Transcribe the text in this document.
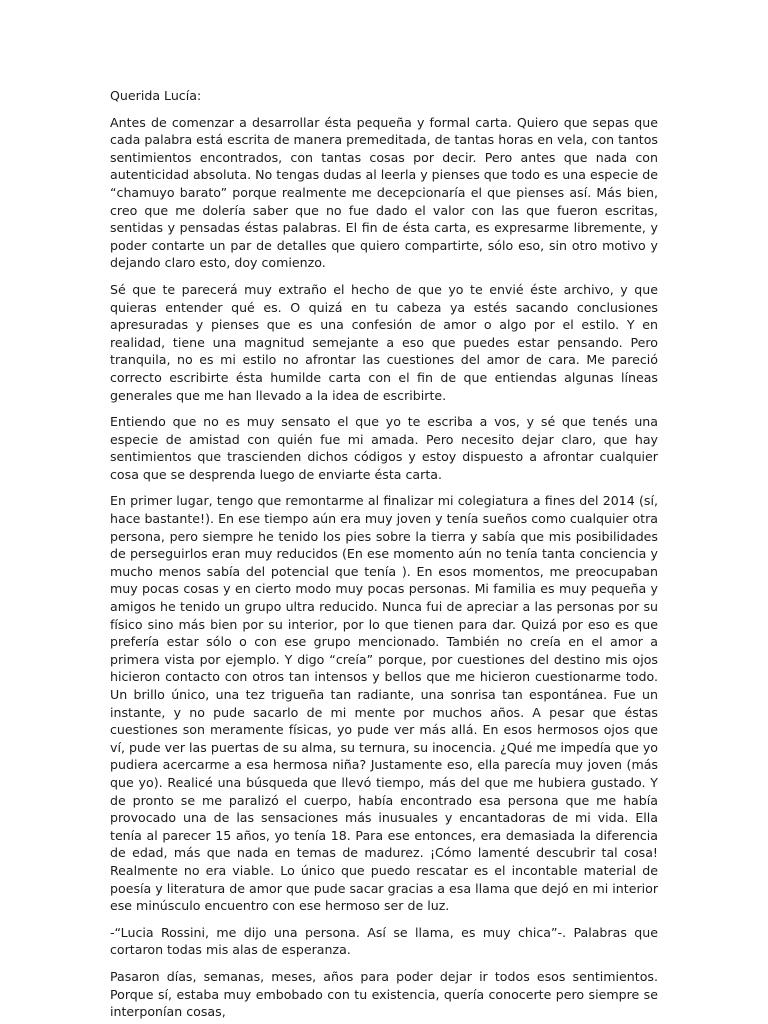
Querida Lucía:

Antes de comenzar a desarrollar ésta pequeña y formal carta. Quiero que sepas que cada palabra está escrita de manera premeditada, de tantas horas en vela, con tantos sentimientos encontrados, con tantas cosas por decir. Pero antes que nada con autenticidad absoluta. No tengas dudas al leerla y pienses que todo es una especie de “chamuyo barato” porque realmente me decepcionaría el que pienses así. Más bien, creo que me dolería saber que no fue dado el valor con las que fueron escritas, sentidas y pensadas éstas palabras. El fin de ésta carta, es expresarme libremente, y poder contarte un par de detalles que quiero compartirte, sólo eso, sin otro motivo y dejando claro esto, doy comienzo.

Sé que te parecerá muy extraño el hecho de que yo te envié éste archivo, y que quieras entender qué es. O quizá en tu cabeza ya estés sacando conclusiones apresuradas y pienses que es una confesión de amor o algo por el estilo. Y en realidad, tiene una magnitud semejante a eso que puedes estar pensando. Pero tranquila, no es mi estilo no afrontar las cuestiones del amor de cara. Me pareció correcto escribirte ésta humilde carta con el fin de que entiendas algunas líneas generales que me han llevado a la idea de escribirte.

Entiendo que no es muy sensato el que yo te escriba a vos, y sé que tenés una especie de amistad con quién fue mi amada. Pero necesito dejar claro, que hay sentimientos que trascienden dichos códigos y estoy dispuesto a afrontar cualquier cosa que se desprenda luego de enviarte ésta carta.

En primer lugar, tengo que remontarme al finalizar mi colegiatura a fines del 2014 (sí, hace bastante!). En ese tiempo aún era muy joven y tenía sueños como cualquier otra persona, pero siempre he tenido los pies sobre la tierra y sabía que mis posibilidades de perseguirlos eran muy reducidos (En ese momento aún no tenía tanta conciencia y mucho menos sabía del potencial que tenía ). En esos momentos, me preocupaban muy pocas cosas y en cierto modo muy pocas personas. Mi familia es muy pequeña y amigos he tenido un grupo ultra reducido. Nunca fui de apreciar a las personas por su físico sino más bien por su interior, por lo que tienen para dar. Quizá por eso es que prefería estar sólo o con ese grupo mencionado. También no creía en el amor a primera vista por ejemplo. Y digo “creía” porque, por cuestiones del destino mis ojos hicieron contacto con otros tan intensos y bellos que me hicieron cuestionarme todo. Un brillo único, una tez trigueña tan radiante, una sonrisa tan espontánea. Fue un instante, y no pude sacarlo de mi mente por muchos años. A pesar que éstas cuestiones son meramente físicas, yo pude ver más allá. En esos hermosos ojos que ví, pude ver las puertas de su alma, su ternura, su inocencia. ¿Qué me impedía que yo pudiera acercarme a esa hermosa niña? Justamente eso, ella parecía muy joven (más que yo). Realicé una búsqueda que llevó tiempo, más del que me hubiera gustado. Y de pronto se me paralizó el cuerpo, había encontrado esa persona que me había provocado una de las sensaciones más inusuales y encantadoras de mi vida. Ella tenía al parecer 15 años, yo tenía 18. Para ese entonces, era demasiada la diferencia de edad, más que nada en temas de madurez. ¡Cómo lamenté descubrir tal cosa! Realmente no era viable. Lo único que puedo rescatar es el incontable material de poesía y literatura de amor que pude sacar gracias a esa llama que dejó en mi interior ese minúsculo encuentro con ese hermoso ser de luz.

-“Lucia Rossini, me dijo una persona. Así se llama, es muy chica”-. Palabras que cortaron todas mis alas de esperanza.

Pasaron días, semanas, meses, años para poder dejar ir todos esos sentimientos. Porque sí, estaba muy embobado con tu existencia, quería conocerte pero siempre se interponían cosas,
